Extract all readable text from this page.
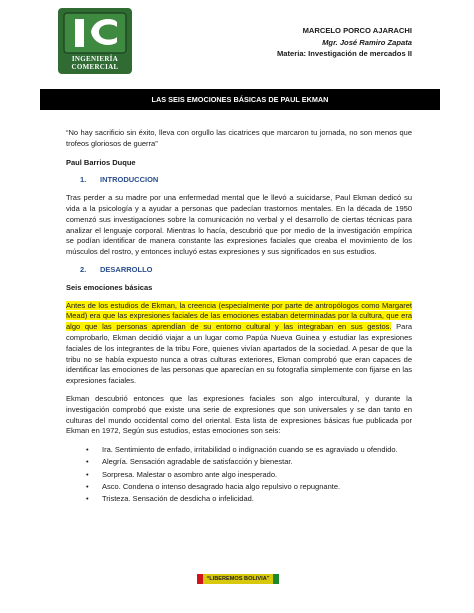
INGENIERÍA
COMERCIAL
MARCELO PORCO AJARACHI
Mgr. José Ramiro Zapata
Materia: Investigación de mercados II
LAS SEIS EMOCIONES BÁSICAS DE PAUL EKMAN

“No hay sacrificio sin éxito, lleva con orgullo las cicatrices que marcaron tu jornada, no son menos que trofeos gloriosos de guerra”

Paul Barrios Duque

1. INTRODUCCION

Tras perder a su madre por una enfermedad mental que le llevó a suicidarse, Paul Ekman dedicó su vida a la psicología y a ayudar a personas que padecían trastornos mentales. En la década de 1950 comenzó sus investigaciones sobre la comunicación no verbal y el desarrollo de ciertas técnicas para analizar el lenguaje corporal. Mientras lo hacía, descubrió que por medio de la investigación empírica se podían identificar de manera constante las expresiones faciales que creaba el movimiento de los músculos del rostro, y entonces incluyó estas expresiones y sus significados en sus estudios.

2. DESARROLLO

Seis emociones básicas

Antes de los estudios de Ekman, la creencia (especialmente por parte de antropólogos como Margaret Mead) era que las expresiones faciales de las emociones estaban determinadas por la cultura, que era algo que las personas aprendían de su entorno cultural y las integraban en sus gestos. Para comprobarlo, Ekman decidió viajar a un lugar como Papúa Nueva Guinea y estudiar las expresiones faciales de los integrantes de la tribu Fore, quienes vivían apartados de la sociedad. A pesar de que la tribu no se había expuesto nunca a otras culturas exteriores, Ekman comprobó que eran capaces de identificar las emociones de las personas que aparecían en su fotografía simplemente con fijarse en las expresiones faciales.

Ekman descubrió entonces que las expresiones faciales son algo intercultural, y durante la investigación comprobó que existe una serie de expresiones que son universales y se dan tanto en culturas del mundo occidental como del oriental. Esta lista de expresiones básicas fue publicada por Ekman en 1972, Según sus estudios, estas emociones son seis:

• Ira. Sentimiento de enfado, irritabilidad o indignación cuando se es agraviado u ofendido.
• Alegría. Sensación agradable de satisfacción y bienestar.
• Sorpresa. Malestar o asombro ante algo inesperado.
• Asco. Condena o intenso desagrado hacia algo repulsivo o repugnante.
• Tristeza. Sensación de desdicha o infelicidad.
“LIBEREMOS BOLIVIA”
